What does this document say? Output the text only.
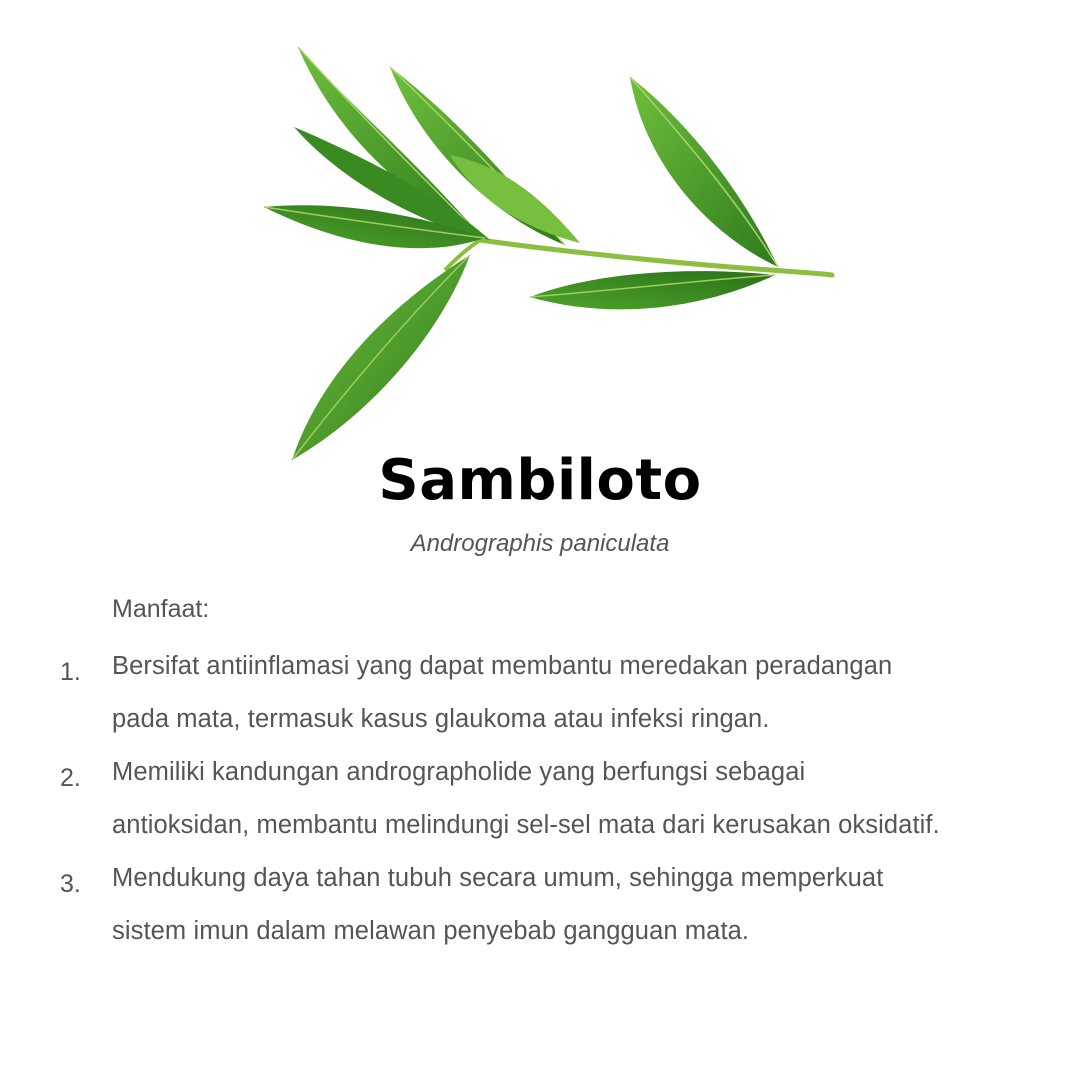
Sambiloto
Andrographis paniculata
Manfaat:
1. Bersifat antiinflamasi yang dapat membantu meredakan peradangan
pada mata, termasuk kasus glaukoma atau infeksi ringan.
2. Memiliki kandungan andrographolide yang berfungsi sebagai
antioksidan, membantu melindungi sel-sel mata dari kerusakan oksidatif.
3. Mendukung daya tahan tubuh secara umum, sehingga memperkuat
sistem imun dalam melawan penyebab gangguan mata.
